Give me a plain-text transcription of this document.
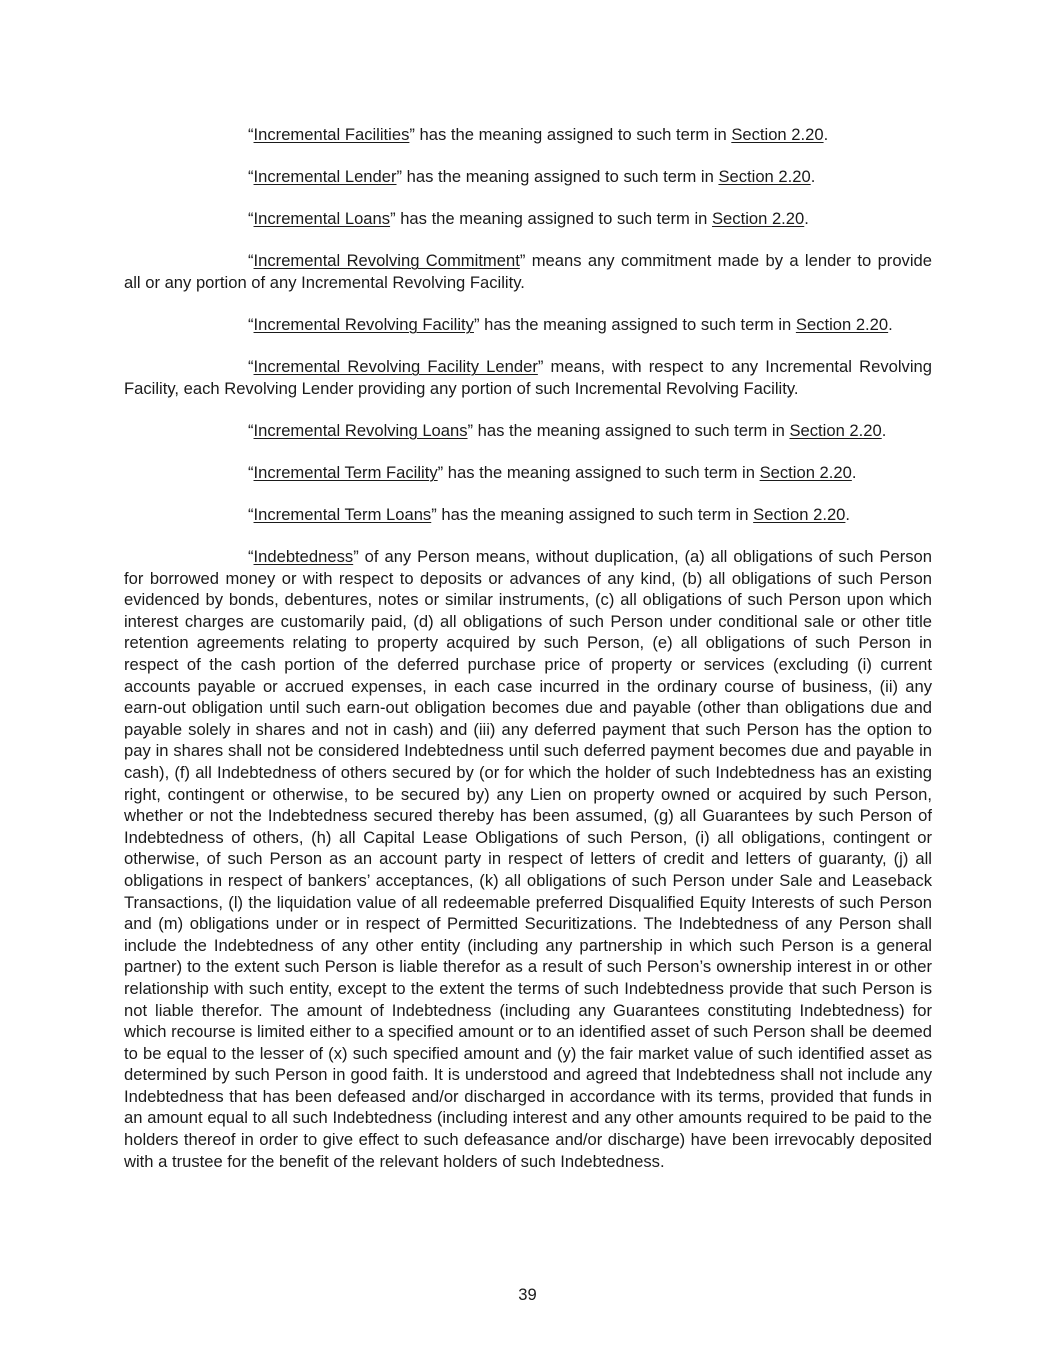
“Incremental Facilities” has the meaning assigned to such term in Section 2.20.

“Incremental Lender” has the meaning assigned to such term in Section 2.20.

“Incremental Loans” has the meaning assigned to such term in Section 2.20.

“Incremental Revolving Commitment” means any commitment made by a lender to provide all or any portion of any Incremental Revolving Facility.

“Incremental Revolving Facility” has the meaning assigned to such term in Section 2.20.

“Incremental Revolving Facility Lender” means, with respect to any Incremental Revolving Facility, each Revolving Lender providing any portion of such Incremental Revolving Facility.

“Incremental Revolving Loans” has the meaning assigned to such term in Section 2.20.

“Incremental Term Facility” has the meaning assigned to such term in Section 2.20.

“Incremental Term Loans” has the meaning assigned to such term in Section 2.20.

“Indebtedness” of any Person means, without duplication, (a) all obligations of such Person for borrowed money or with respect to deposits or advances of any kind, (b) all obligations of such Person evidenced by bonds, debentures, notes or similar instruments, (c) all obligations of such Person upon which interest charges are customarily paid, (d) all obligations of such Person under conditional sale or other title retention agreements relating to property acquired by such Person, (e) all obligations of such Person in respect of the cash portion of the deferred purchase price of property or services (excluding (i) current accounts payable or accrued expenses, in each case incurred in the ordinary course of business, (ii) any earn-out obligation until such earn-out obligation becomes due and payable (other than obligations due and payable solely in shares and not in cash) and (iii) any deferred payment that such Person has the option to pay in shares shall not be considered Indebtedness until such deferred payment becomes due and payable in cash), (f) all Indebtedness of others secured by (or for which the holder of such Indebtedness has an existing right, contingent or otherwise, to be secured by) any Lien on property owned or acquired by such Person, whether or not the Indebtedness secured thereby has been assumed, (g) all Guarantees by such Person of Indebtedness of others, (h) all Capital Lease Obligations of such Person, (i) all obligations, contingent or otherwise, of such Person as an account party in respect of letters of credit and letters of guaranty, (j) all obligations in respect of bankers’ acceptances, (k) all obligations of such Person under Sale and Leaseback Transactions, (l) the liquidation value of all redeemable preferred Disqualified Equity Interests of such Person and (m) obligations under or in respect of Permitted Securitizations. The Indebtedness of any Person shall include the Indebtedness of any other entity (including any partnership in which such Person is a general partner) to the extent such Person is liable therefor as a result of such Person’s ownership interest in or other relationship with such entity, except to the extent the terms of such Indebtedness provide that such Person is not liable therefor. The amount of Indebtedness (including any Guarantees constituting Indebtedness) for which recourse is limited either to a specified amount or to an identified asset of such Person shall be deemed to be equal to the lesser of (x) such specified amount and (y) the fair market value of such identified asset as determined by such Person in good faith. It is understood and agreed that Indebtedness shall not include any Indebtedness that has been defeased and/or discharged in accordance with its terms, provided that funds in an amount equal to all such Indebtedness (including interest and any other amounts required to be paid to the holders thereof in order to give effect to such defeasance and/or discharge) have been irrevocably deposited with a trustee for the benefit of the relevant holders of such Indebtedness.

39
